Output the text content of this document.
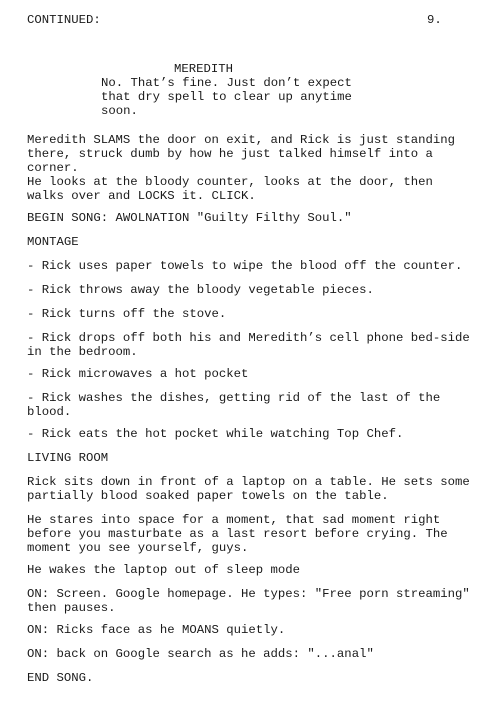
CONTINUED:	9.
MEREDITH
No. That’s fine. Just don’t expect
that dry spell to clear up anytime
soon.
Meredith SLAMS the door on exit, and Rick is just standing
there, struck dumb by how he just talked himself into a
corner.
He looks at the bloody counter, looks at the door, then
walks over and LOCKS it. CLICK.
BEGIN SONG: AWOLNATION "Guilty Filthy Soul."
MONTAGE
- Rick uses paper towels to wipe the blood off the counter.
- Rick throws away the bloody vegetable pieces.
- Rick turns off the stove.
- Rick drops off both his and Meredith’s cell phone bed-side
in the bedroom.
- Rick microwaves a hot pocket
- Rick washes the dishes, getting rid of the last of the
blood.
- Rick eats the hot pocket while watching Top Chef.
LIVING ROOM
Rick sits down in front of a laptop on a table. He sets some
partially blood soaked paper towels on the table.
He stares into space for a moment, that sad moment right
before you masturbate as a last resort before crying. The
moment you see yourself, guys.
He wakes the laptop out of sleep mode
ON: Screen. Google homepage. He types: "Free porn streaming"
then pauses.
ON: Ricks face as he MOANS quietly.
ON: back on Google search as he adds: "...anal"
END SONG.
